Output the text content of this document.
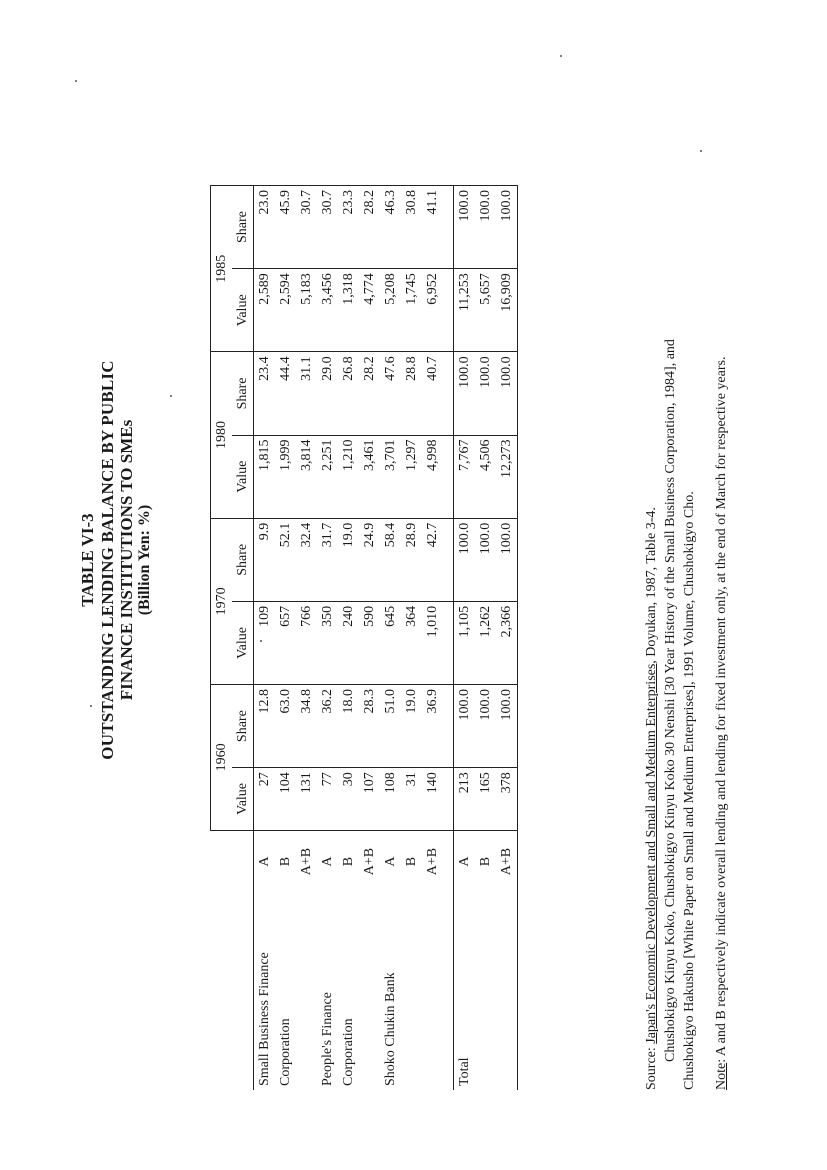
TABLE VI-3 OUTSTANDING LENDING BALANCE BY PUBLIC FINANCE INSTITUTIONS TO SMEs (Billion Yen: %)
		1960		1970		1980		1985	
		Value	Share	Value	Share	Value	Share	Value	Share
Small Business Finance	A	27	12.8	109	9.9	1,815	23.4	2,589	23.0
Corporation	B	104	63.0	657	52.1	1,999	44.4	2,594	45.9
	A+B	131	34.8	766	32.4	3,814	31.1	5,183	30.7
People's Finance	A	77	36.2	350	31.7	2,251	29.0	3,456	30.7
Corporation	B	30	18.0	240	19.0	1,210	26.8	1,318	23.3
	A+B	107	28.3	590	24.9	3,461	28.2	4,774	28.2
Shoko Chukin Bank	A	108	51.0	645	58.4	3,701	47.6	5,208	46.3
	B	31	19.0	364	28.9	1,297	28.8	1,745	30.8
	A+B	140	36.9	1,010	42.7	4,998	40.7	6,952	41.1

Total	A	213	100.0	1,105	100.0	7,767	100.0	11,253	100.0
	B	165	100.0	1,262	100.0	4,506	100.0	5,657	100.0
	A+B	378	100.0	2,366	100.0	12,273	100.0	16,909	100.0
Source: Japan's Economic Development and Small and Medium Enterprises, Doyukan, 1987, Table 3-4. Chushokigyo Kinyu Koko, Chushokigyo Kinyu Koko 30 Nenshi [30 Year History of the Small Business Corporation, 1984], and Chushokigyo Hakusho [White Paper on Small and Medium Enterprises], 1991 Volume, Chushokigyo Cho. Note: A and B respectively indicate overall lending and lending for fixed investment only, at the end of March for respective years.
